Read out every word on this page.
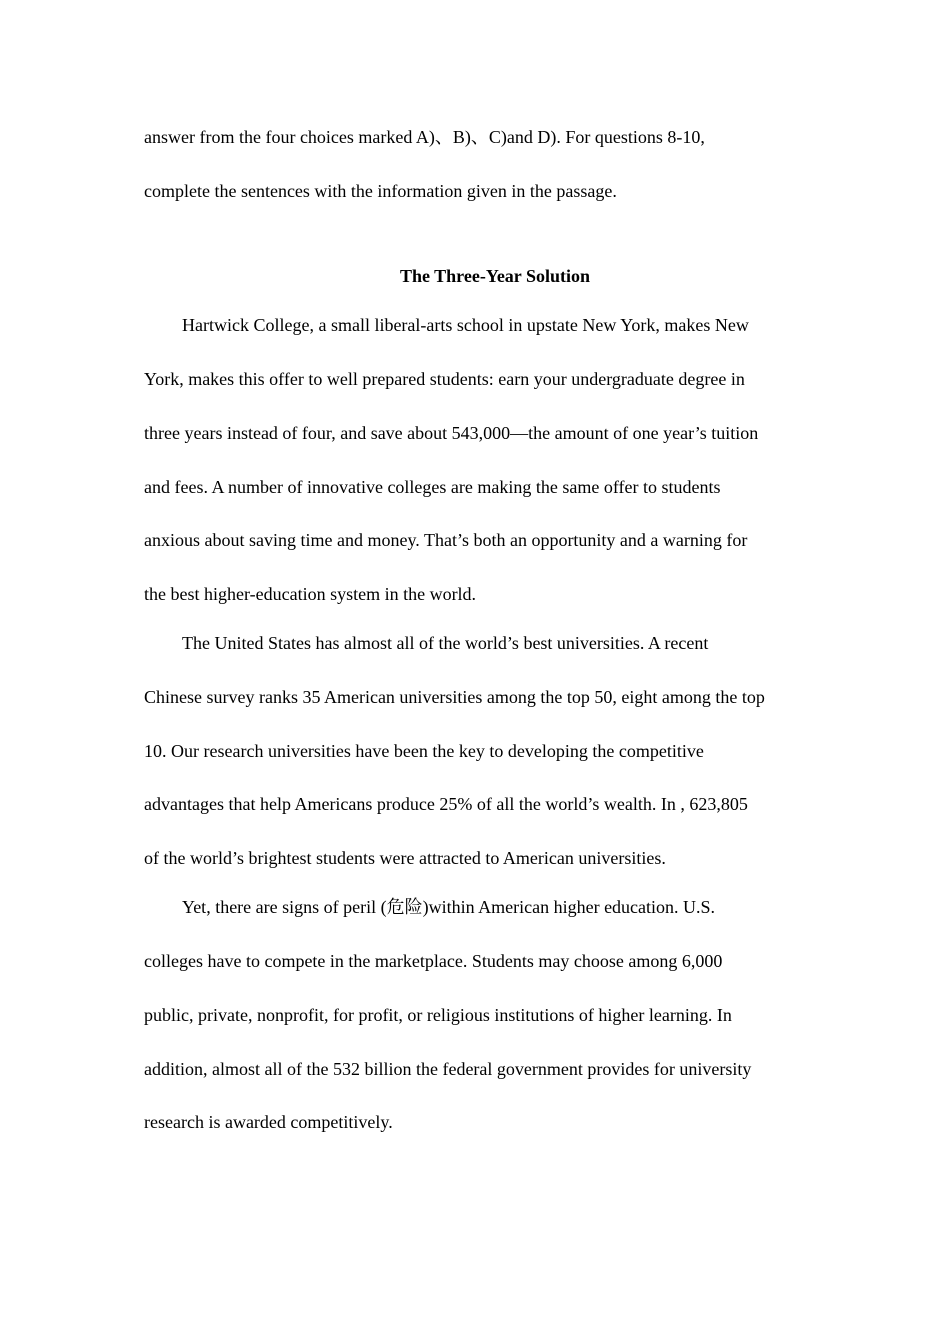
answer from the four choices marked A)、B)、C)and D). For questions 8-10,
complete the sentences with the information given in the passage.
The Three-Year Solution
Hartwick College, a small liberal-arts school in upstate New York, makes New
York, makes this offer to well prepared students: earn your undergraduate degree in
three years instead of four, and save about 543,000—the amount of one year’s tuition
and fees. A number of innovative colleges are making the same offer to students
anxious about saving time and money. That’s both an opportunity and a warning for
the best higher-education system in the world.
The United States has almost all of the world’s best universities. A recent
Chinese survey ranks 35 American universities among the top 50, eight among the top
10. Our research universities have been the key to developing the competitive
advantages that help Americans produce 25% of all the world’s wealth. In , 623,805
of the world’s brightest students were attracted to American universities.
Yet, there are signs of peril (危险)within American higher education. U.S.
colleges have to compete in the marketplace. Students may choose among 6,000
public, private, nonprofit, for profit, or religious institutions of higher learning. In
addition, almost all of the 532 billion the federal government provides for university
research is awarded competitively.
